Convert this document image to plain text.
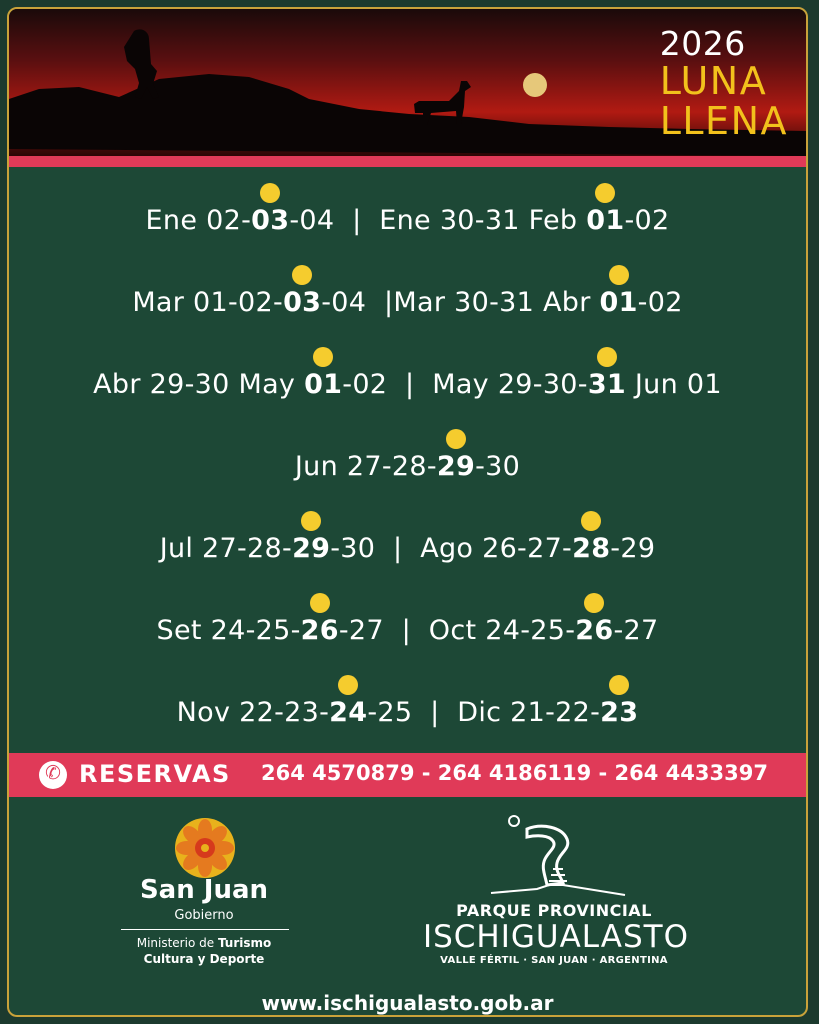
2026
LUNA
LLENA
Ene 02-03-04  |  Ene 30-31 Feb 01-02
Mar 01-02-03-04  |Mar 30-31 Abr 01-02
Abr 29-30 May 01-02  |  May 29-30-31 Jun 01
Jun 27-28-29-30
Jul 27-28-29-30  |  Ago 26-27-28-29
Set 24-25-26-27  |  Oct 24-25-26-27
Nov 22-23-24-25  |  Dic 21-22-23
✆ RESERVAS 264 4570879 - 264 4186119 - 264 4433397
San Juan
Gobierno
Ministerio de Turismo
Cultura y Deporte
PARQUE PROVINCIAL
ISCHIGUALASTO
VALLE FÉRTIL · SAN JUAN · ARGENTINA
www.ischigualasto.gob.ar
